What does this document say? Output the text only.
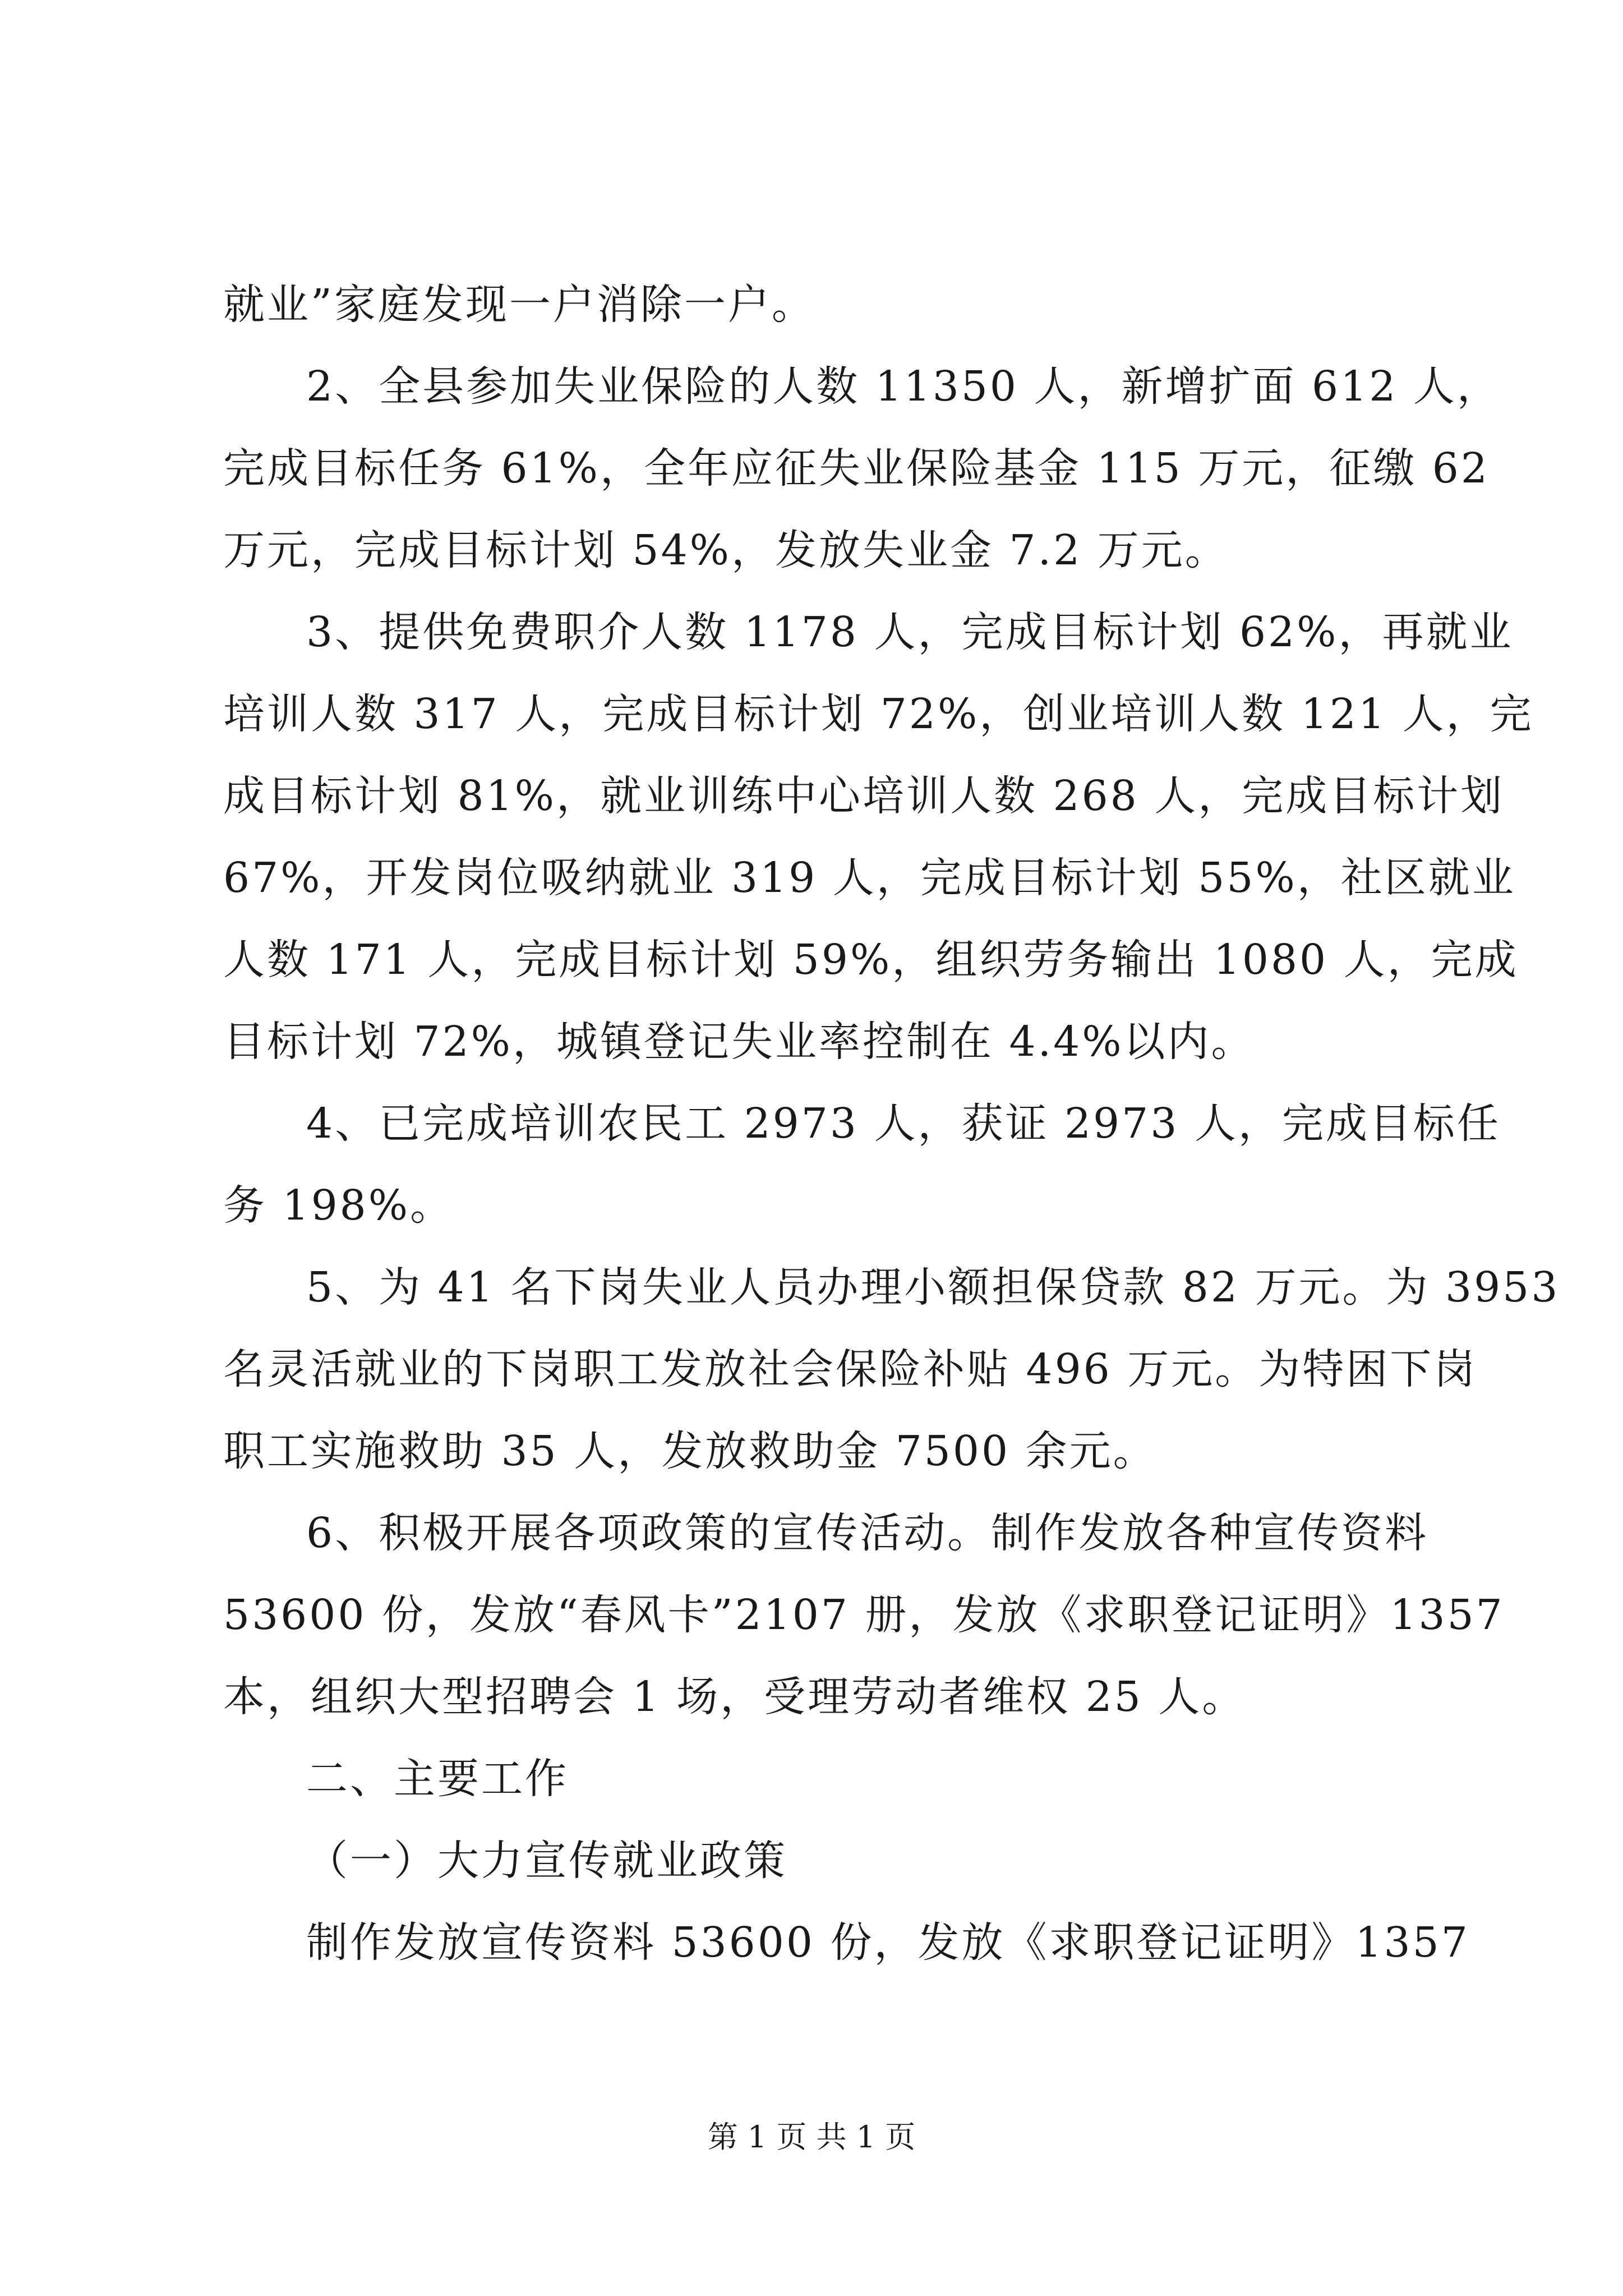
就业”家庭发现一户消除一户。
2、全县参加失业保险的人数 11350 人，新增扩面 612 人，
完成目标任务 61%，全年应征失业保险基金 115 万元，征缴 62
万元，完成目标计划 54%，发放失业金 7.2 万元。
3、提供免费职介人数 1178 人，完成目标计划 62%，再就业
培训人数 317 人，完成目标计划 72%，创业培训人数 121 人，完
成目标计划 81%，就业训练中心培训人数 268 人，完成目标计划
67%，开发岗位吸纳就业 319 人，完成目标计划 55%，社区就业
人数 171 人，完成目标计划 59%，组织劳务输出 1080 人，完成
目标计划 72%，城镇登记失业率控制在 4.4%以内。
4、已完成培训农民工 2973 人，获证 2973 人，完成目标任
务 198%。
5、为 41 名下岗失业人员办理小额担保贷款 82 万元。为 3953
名灵活就业的下岗职工发放社会保险补贴 496 万元。为特困下岗
职工实施救助 35 人，发放救助金 7500 余元。
6、积极开展各项政策的宣传活动。制作发放各种宣传资料
53600 份，发放“春风卡”2107 册，发放《求职登记证明》1357
本，组织大型招聘会 1 场，受理劳动者维权 25 人。
二、主要工作
（一）大力宣传就业政策
制作发放宣传资料 53600 份，发放《求职登记证明》1357
第 1 页 共 1 页
